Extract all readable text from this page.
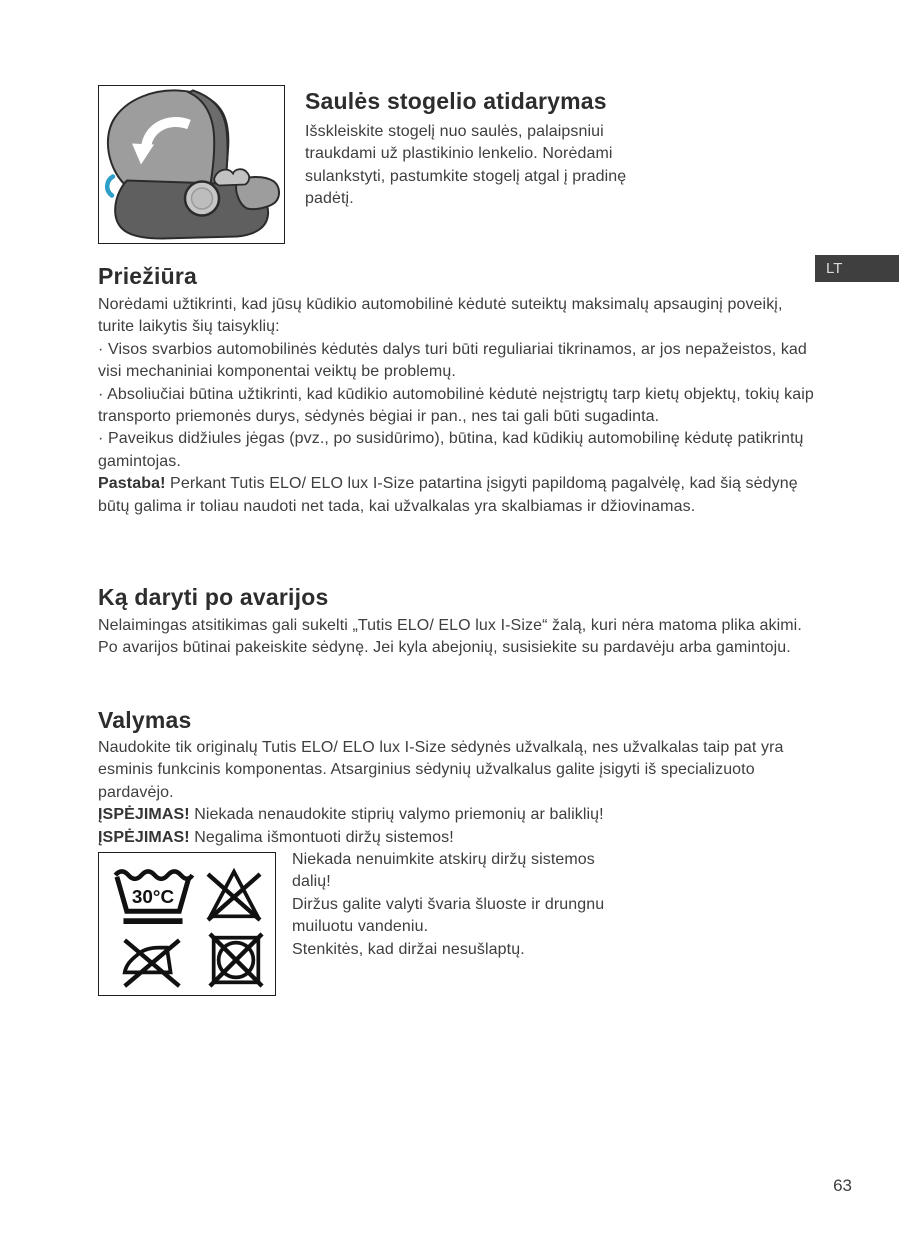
Saulės stogelio atidarymas

Išskleiskite stogelį nuo saulės, palaipsniui traukdami už plastikinio lenkelio. Norėdami sulankstyti, pastumkite stogelį atgal į pradinę padėtį.

LT
Priežiūra

Norėdami užtikrinti, kad jūsų kūdikio automobilinė kėdutė suteiktų maksimalų apsauginį poveikį, turite laikytis šių taisyklių:

· Visos svarbios automobilinės kėdutės dalys turi būti reguliariai tikrinamos, ar jos nepažeistos, kad visi mechaniniai komponentai veiktų be problemų.

· Absoliučiai būtina užtikrinti, kad kūdikio automobilinė kėdutė neįstrigtų tarp kietų objektų, tokių kaip transporto priemonės durys, sėdynės bėgiai ir pan., nes tai gali būti sugadinta.

· Paveikus didžiules jėgas (pvz., po susidūrimo), būtina, kad kūdikių automobilinę kėdutę patikrintų gamintojas.

Pastaba! Perkant Tutis ELO/ ELO lux I-Size patartina įsigyti papildomą pagalvėlę, kad šią sėdynę būtų galima ir toliau naudoti net tada, kai užvalkalas yra skalbiamas ir džiovinamas.

Ką daryti po avarijos

Nelaimingas atsitikimas gali sukelti „Tutis ELO/ ELO lux I-Size“ žalą, kuri nėra matoma plika akimi. Po avarijos būtinai pakeiskite sėdynę. Jei kyla abejonių, susisiekite su pardavėju arba gamintoju.

Valymas

Naudokite tik originalų Tutis ELO/ ELO lux I-Size sėdynės užvalkalą, nes užvalkalas taip pat yra esminis funkcinis komponentas. Atsarginius sėdynių užvalkalus galite įsigyti iš specializuoto pardavėjo.

ĮSPĖJIMAS! Niekada nenaudokite stiprių valymo priemonių ar baliklių!

ĮSPĖJIMAS! Negalima išmontuoti diržų sistemos!

30°C

Niekada nenuimkite atskirų diržų sistemos dalių!

Diržus galite valyti švaria šluoste ir drungnu muiluotu vandeniu.

Stenkitės, kad diržai nesušlaptų.

63
